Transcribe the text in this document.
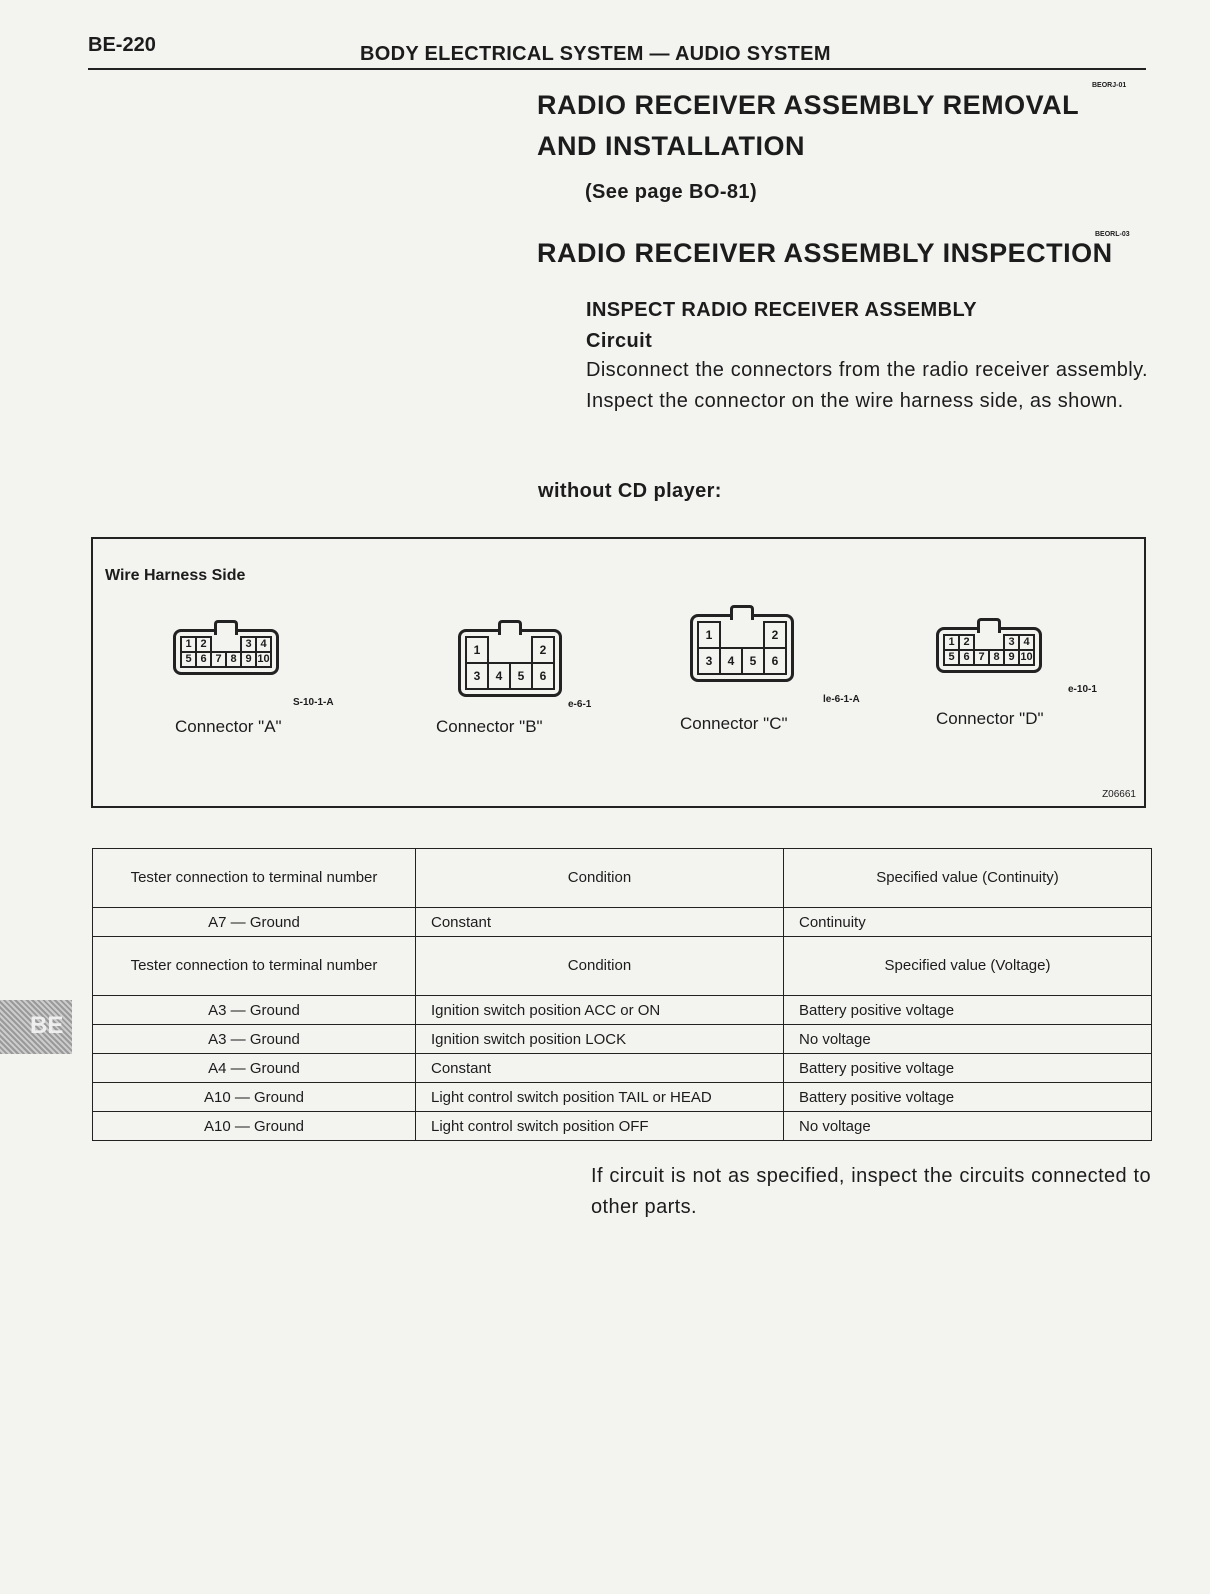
BE-220	BODY ELECTRICAL SYSTEM — AUDIO SYSTEM
BEORJ-01
RADIO RECEIVER ASSEMBLY REMOVAL
AND INSTALLATION
(See page BO-81)
BEORL-03
RADIO RECEIVER ASSEMBLY INSPECTION
INSPECT RADIO RECEIVER ASSEMBLY
Circuit
Disconnect the connectors from the radio receiver assembly. Inspect the connector on the wire harness side, as shown.
without CD player:
Wire Harness Side
Z06661
1	2			3	4
5	6	7	8	9	10
S-10-1-A
Connector "A"
1			2
3	4	5	6
e-6-1
Connector "B"
1			2
3	4	5	6
le-6-1-A
Connector "C"
1	2			3	4
5	6	7	8	9	10
e-10-1
Connector "D"
Tester connection to terminal number	Condition	Specified value (Continuity)
A7 — Ground	Constant	Continuity
Tester connection to terminal number	Condition	Specified value (Voltage)
A3 — Ground	Ignition switch position ACC or ON	Battery positive voltage
A3 — Ground	Ignition switch position LOCK	No voltage
A4 — Ground	Constant	Battery positive voltage
A10 — Ground	Light control switch position TAIL or HEAD	Battery positive voltage
A10 — Ground	Light control switch position OFF	No voltage
If circuit is not as specified, inspect the circuits connected to other parts.
BE
